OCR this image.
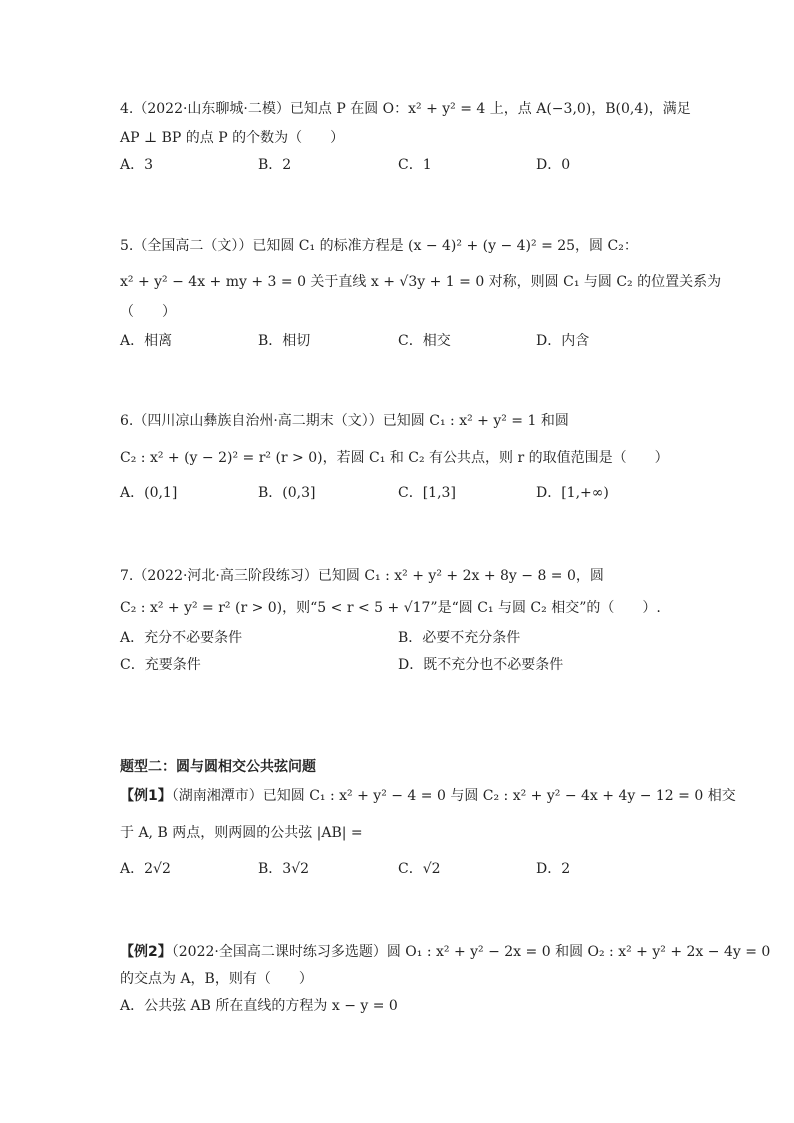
4.（2022·山东聊城·二模）已知点 P 在圆 O：x² + y² = 4 上，点 A(−3,0)，B(0,4)，满足
AP ⊥ BP 的点 P 的个数为（　　）
A．3	B．2	C．1	D．0
5.（全国高二（文））已知圆 C₁ 的标准方程是 (x − 4)² + (y − 4)² = 25，圆 C₂：
x² + y² − 4x + my + 3 = 0 关于直线 x + √3y + 1 = 0 对称，则圆 C₁ 与圆 C₂ 的位置关系为
（　　）
A．相离	B．相切	C．相交	D．内含
6.（四川凉山彝族自治州·高二期末（文））已知圆 C₁ : x² + y² = 1 和圆
C₂ : x² + (y − 2)² = r² (r > 0)，若圆 C₁ 和 C₂ 有公共点，则 r 的取值范围是（　　）
A．(0,1]	B．(0,3]	C．[1,3]	D．[1,+∞)
7.（2022·河北·高三阶段练习）已知圆 C₁ : x² + y² + 2x + 8y − 8 = 0，圆
C₂ : x² + y² = r² (r > 0)，则“5 < r < 5 + √17”是“圆 C₁ 与圆 C₂ 相交”的（　　）.
A．充分不必要条件	B．必要不充分条件
C．充要条件	D．既不充分也不必要条件
题型二：圆与圆相交公共弦问题
【例1】（湖南湘潭市）已知圆 C₁ : x² + y² − 4 = 0 与圆 C₂ : x² + y² − 4x + 4y − 12 = 0 相交
于 A, B 两点，则两圆的公共弦 |AB| =
A．2√2	B．3√2	C．√2	D．2
【例2】（2022·全国高二课时练习多选题）圆 O₁ : x² + y² − 2x = 0 和圆 O₂ : x² + y² + 2x − 4y = 0
的交点为 A，B，则有（　　）
A．公共弦 AB 所在直线的方程为 x − y = 0
